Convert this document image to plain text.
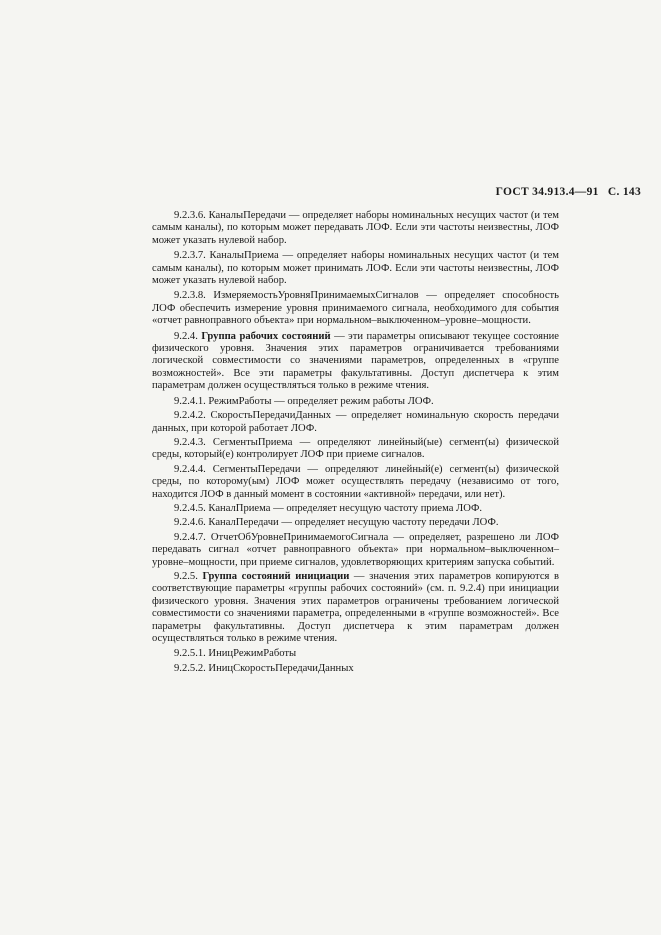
ГОСТ 34.913.4—91 С. 143

9.2.3.6. КаналыПередачи — определяет наборы номинальных несущих частот (и тем самым каналы), по которым может передавать ЛОФ. Если эти частоты неизвестны, ЛОФ может указать нулевой набор.

9.2.3.7. КаналыПриема — определяет наборы номинальных несущих частот (и тем самым каналы), по которым может принимать ЛОФ. Если эти частоты неизвестны, ЛОФ может указать нулевой набор.

9.2.3.8. ИзмеряемостьУровняПринимаемыхСигналов — определяет способность ЛОФ обеспечить измерение уровня принимаемого сигнала, необходимого для события «отчет равноправного объекта» при нормальном–выключенном–уровне–мощности.

9.2.4. Группа рабочих состояний — эти параметры описывают текущее состояние физического уровня. Значения этих параметров ограничивается требованиями логической совместимости со значениями параметров, определенных в «группе возможностей». Все эти параметры факультативны. Доступ диспетчера к этим параметрам должен осуществляться только в режиме чтения.

9.2.4.1. РежимРаботы — определяет режим работы ЛОФ.

9.2.4.2. СкоростьПередачиДанных — определяет номинальную скорость передачи данных, при которой работает ЛОФ.

9.2.4.3. СегментыПриема — определяют линейный(ые) сегмент(ы) физической среды, который(е) контролирует ЛОФ при приеме сигналов.

9.2.4.4. СегментыПередачи — определяют линейный(е) сегмент(ы) физической среды, по которому(ым) ЛОФ может осуществлять передачу (независимо от того, находится ЛОФ в данный момент в состоянии «активной» передачи, или нет).

9.2.4.5. КаналПриема — определяет несущую частоту приема ЛОФ.

9.2.4.6. КаналПередачи — определяет несущую частоту передачи ЛОФ.

9.2.4.7. ОтчетОбУровнеПринимаемогоСигнала — определяет, разрешено ли ЛОФ передавать сигнал «отчет равноправного объекта» при нормальном–выключенном–уровне–мощности, при приеме сигналов, удовлетворяющих критериям запуска событий.

9.2.5. Группа состояний инициации — значения этих параметров копируются в соответствующие параметры «группы рабочих состояний» (см. п. 9.2.4) при инициации физического уровня. Значения этих параметров ограничены требованием логической совместимости со значениями параметра, определенными в «группе возможностей». Все параметры факультативны. Доступ диспетчера к этим параметрам должен осуществляться только в режиме чтения.

9.2.5.1. ИницРежимРаботы

9.2.5.2. ИницСкоростьПередачиДанных
